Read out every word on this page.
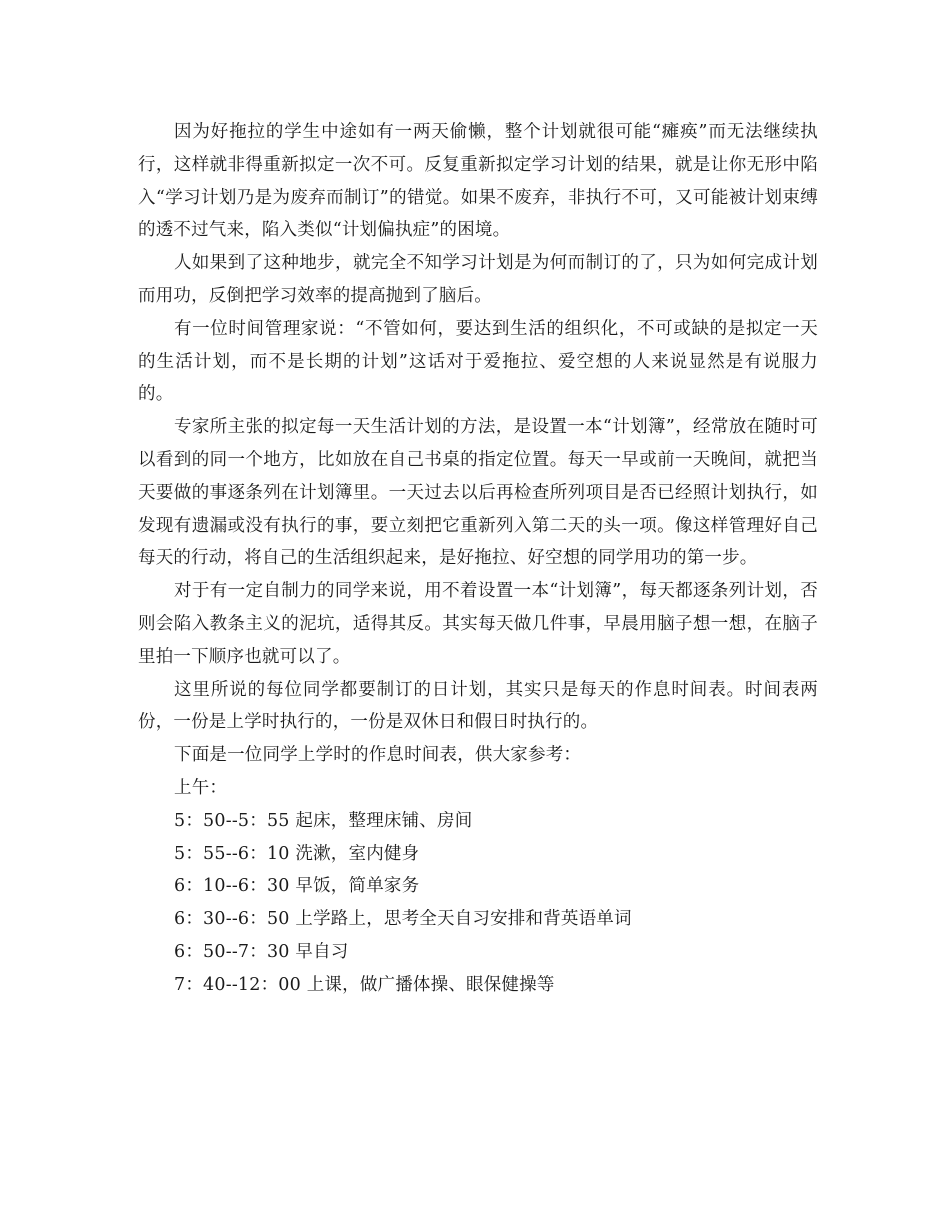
因为好拖拉的学生中途如有一两天偷懒，整个计划就很可能“瘫痪”而无法继续执行，这样就非得重新拟定一次不可。反复重新拟定学习计划的结果，就是让你无形中陷入“学习计划乃是为废弃而制订”的错觉。如果不废弃，非执行不可，又可能被计划束缚的透不过气来，陷入类似“计划偏执症”的困境。

人如果到了这种地步，就完全不知学习计划是为何而制订的了，只为如何完成计划而用功，反倒把学习效率的提高抛到了脑后。

有一位时间管理家说：“不管如何，要达到生活的组织化，不可或缺的是拟定一天的生活计划，而不是长期的计划”这话对于爱拖拉、爱空想的人来说显然是有说服力的。

专家所主张的拟定每一天生活计划的方法，是设置一本“计划簿”，经常放在随时可以看到的同一个地方，比如放在自己书桌的指定位置。每天一早或前一天晚间，就把当天要做的事逐条列在计划簿里。一天过去以后再检查所列项目是否已经照计划执行，如发现有遗漏或没有执行的事，要立刻把它重新列入第二天的头一项。像这样管理好自己每天的行动，将自己的生活组织起来，是好拖拉、好空想的同学用功的第一步。

对于有一定自制力的同学来说，用不着设置一本“计划簿”，每天都逐条列计划，否则会陷入教条主义的泥坑，适得其反。其实每天做几件事，早晨用脑子想一想，在脑子里拍一下顺序也就可以了。

这里所说的每位同学都要制订的日计划，其实只是每天的作息时间表。时间表两份，一份是上学时执行的，一份是双休日和假日时执行的。

下面是一位同学上学时的作息时间表，供大家参考：

上午：

5：50--5：55 起床，整理床铺、房间

5：55--6：10 洗漱，室内健身

6：10--6：30 早饭，简单家务

6：30--6：50 上学路上，思考全天自习安排和背英语单词

6：50--7：30 早自习

7：40--12：00 上课，做广播体操、眼保健操等
